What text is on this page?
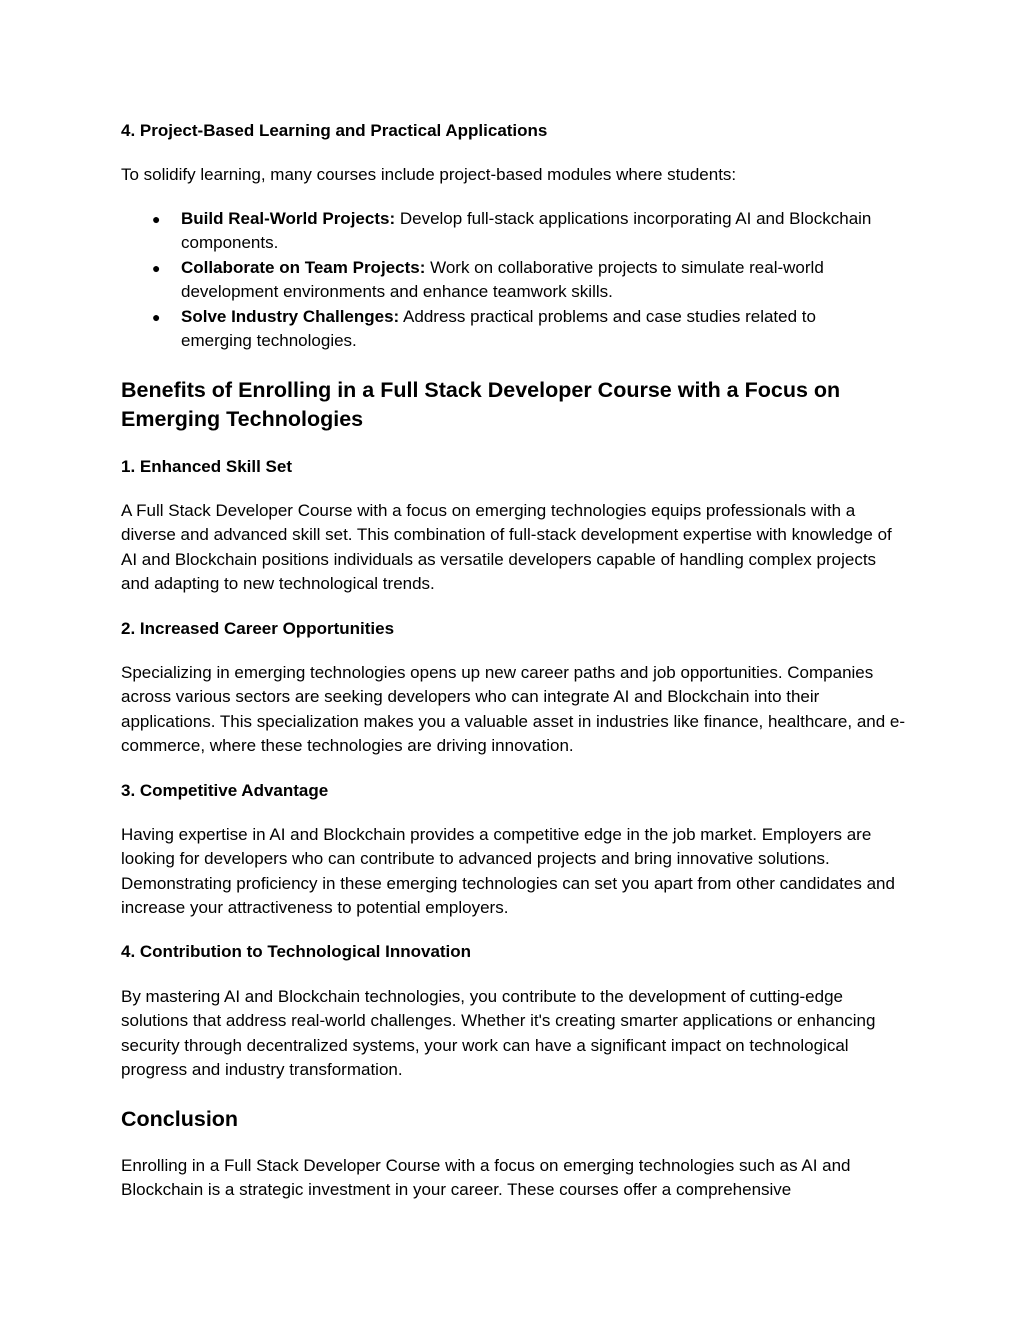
4. Project-Based Learning and Practical Applications

To solidify learning, many courses include project-based modules where students:

● Build Real-World Projects: Develop full-stack applications incorporating AI and Blockchain components.
● Collaborate on Team Projects: Work on collaborative projects to simulate real-world development environments and enhance teamwork skills.
● Solve Industry Challenges: Address practical problems and case studies related to emerging technologies.
Benefits of Enrolling in a Full Stack Developer Course with a Focus on Emerging Technologies
1. Enhanced Skill Set

A Full Stack Developer Course with a focus on emerging technologies equips professionals with a diverse and advanced skill set. This combination of full-stack development expertise with knowledge of AI and Blockchain positions individuals as versatile developers capable of handling complex projects and adapting to new technological trends.

2. Increased Career Opportunities

Specializing in emerging technologies opens up new career paths and job opportunities. Companies across various sectors are seeking developers who can integrate AI and Blockchain into their applications. This specialization makes you a valuable asset in industries like finance, healthcare, and e-commerce, where these technologies are driving innovation.

3. Competitive Advantage

Having expertise in AI and Blockchain provides a competitive edge in the job market. Employers are looking for developers who can contribute to advanced projects and bring innovative solutions. Demonstrating proficiency in these emerging technologies can set you apart from other candidates and increase your attractiveness to potential employers.

4. Contribution to Technological Innovation

By mastering AI and Blockchain technologies, you contribute to the development of cutting-edge solutions that address real-world challenges. Whether it's creating smarter applications or enhancing security through decentralized systems, your work can have a significant impact on technological progress and industry transformation.

Conclusion

Enrolling in a Full Stack Developer Course with a focus on emerging technologies such as AI and Blockchain is a strategic investment in your career. These courses offer a comprehensive
